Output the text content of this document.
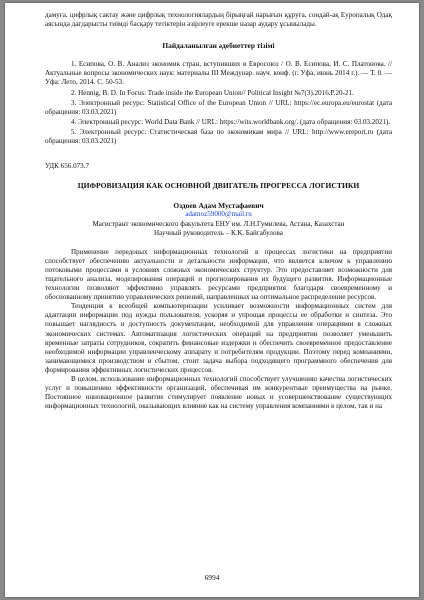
дамуға, цифрлық сактау және цифрлық технологиялардың бірыңғай нарығын құруға, сондай-ақ Еуропалық Одақ аясында дағдарысты тиімді басқару тетіктерін әзірлеуге ерекше назар аудару ұсынылады.

Пайдаланылған әдебиеттер тізімі

1. Есипова, О. В. Анализ экономик стран, вступивших в Евросоюз / О. В. Есипова, И. С. Платонова. // Актуальные вопросы экономических наук: материалы III Междунар. науч. конф. (г. Уфа, июнь 2014 г.). — Т. 0. — Уфа: Лето, 2014. С. 50-53.

2. Hennig, B. D. In Focus: Trade inside the European Union// Political Insight №7(3).2016.P.20-21.

3. Электронный ресурс: Statistical Office of the European Union // URL: https://ec.europa.eu/eurostat (дата обращения: 03.03.2021)

4. Электронный ресурс: World Data Bank // URL: https://wits.worldbank.org/. (дата обращения: 03.03.2021).

5. Электронный ресурс: Статистическая база по экономикам мира // URL: http://www.ereport.ru (дата обращения: 03.03.2021)

УДК 656.073.7

ЦИФРОВИЗАЦИЯ КАК ОСНОВНОЙ ДВИГАТЕЛЬ ПРОГРЕССА ЛОГИСТИКИ

Оздоев Адам Мустафаевич

adamoz59000@mail.ru

Магистрант экономического факультета ЕНУ им. Л.Н.Гумилева, Астана, Казахстан

Научный руководитель – К.К. Байгабулова

Применение передовых информационных технологий в процессах логистики на предприятии способствует обеспечению актуальности и детальности информации, что является ключом к управлению потоковыми процессами в условиях сложных экономических структур. Это предоставляет возможности для тщательного анализа, моделирования операций и прогнозирования их будущего развития. Информационные технологии позволяют эффективно управлять ресурсами предприятия благодаря своевременному и обоснованному принятию управленческих решений, направленных на оптимальное распределение ресурсов.

Тенденция к всеобщей компьютеризации усиливает возможности информационных систем для адаптации информации под нужды пользователя, ускоряя и упрощая процессы ее обработки и синтеза. Это повышает наглядность и доступность документации, необходимой для управления операциями в сложных экономических системах. Автоматизация логистических операций на предприятии позволяет уменьшить временные затраты сотрудников, сократить финансовые издержки и обеспечить своевременное предоставление необходимой информации управленческому аппарату и потребителям продукции. Поэтому перед компаниями, занимающимися производством и сбытом, стоит задача выбора подходящего программного обеспечения для формирования эффективных логистических процессов.

В целом, использование информационных технологий способствует улучшению качества логистических услуг и повышению эффективности организаций, обеспечивая им конкурентные преимущества на рынке. Постоянное инновационное развитие стимулирует появление новых и усовершенствование существующих информационных технологий, оказывающих влияние как на систему управления компаниями в целом, так и на

6994
